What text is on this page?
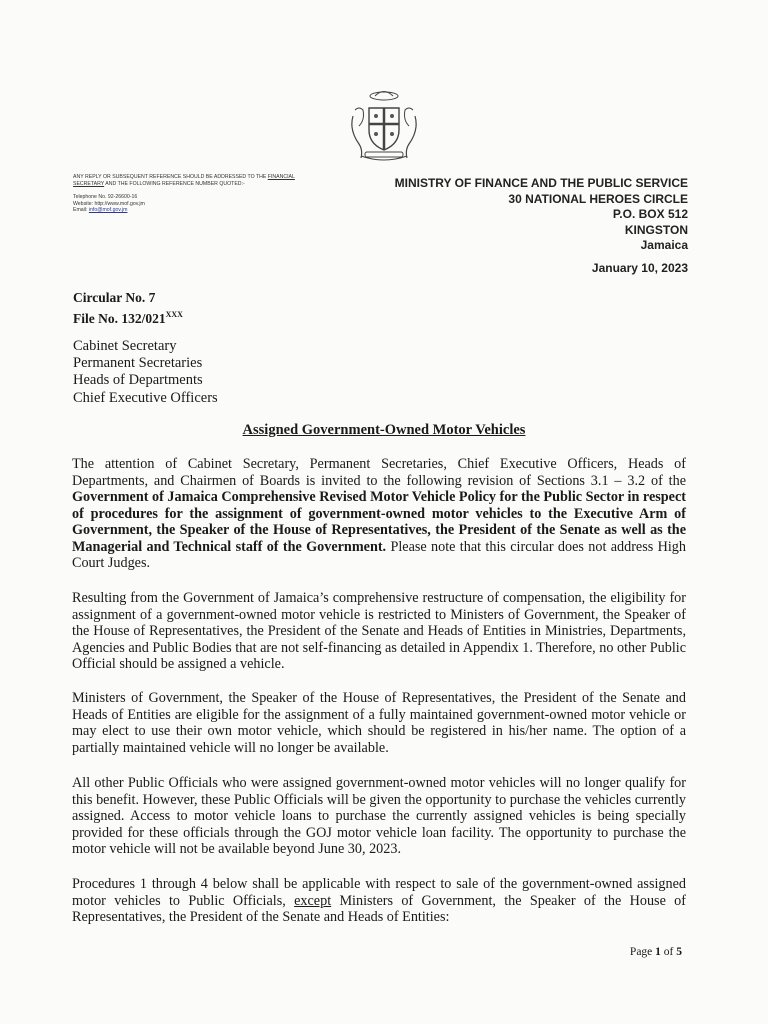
ANY REPLY OR SUBSEQUENT REFERENCE SHOULD BE ADDRESSED TO THE FINANCIAL
SECRETARY AND THE FOLLOWING REFERENCE NUMBER QUOTED:-
Telephone No. 92-26600-16
Website: http://www.mof.gov.jm
Email: info@mof.gov.jm
MINISTRY OF FINANCE AND THE PUBLIC SERVICE
30 NATIONAL HEROES CIRCLE
P.O. BOX 512
KINGSTON
Jamaica
January 10, 2023
Circular No. 7
File No. $132/021^{XXX}$
Cabinet Secretary
Permanent Secretaries
Heads of Departments
Chief Executive Officers
Assigned Government-Owned Motor Vehicles

The attention of Cabinet Secretary, Permanent Secretaries, Chief Executive Officers, Heads of Departments, and Chairmen of Boards is invited to the following revision of Sections 3.1 – 3.2 of the Government of Jamaica Comprehensive Revised Motor Vehicle Policy for the Public Sector in respect of procedures for the assignment of government-owned motor vehicles to the Executive Arm of Government, the Speaker of the House of Representatives, the President of the Senate as well as the Managerial and Technical staff of the Government. Please note that this circular does not address High Court Judges.

Resulting from the Government of Jamaica’s comprehensive restructure of compensation, the eligibility for assignment of a government-owned motor vehicle is restricted to Ministers of Government, the Speaker of the House of Representatives, the President of the Senate and Heads of Entities in Ministries, Departments, Agencies and Public Bodies that are not self-financing as detailed in Appendix 1. Therefore, no other Public Official should be assigned a vehicle.

Ministers of Government, the Speaker of the House of Representatives, the President of the Senate and Heads of Entities are eligible for the assignment of a fully maintained government-owned motor vehicle or may elect to use their own motor vehicle, which should be registered in his/her name. The option of a partially maintained vehicle will no longer be available.

All other Public Officials who were assigned government-owned motor vehicles will no longer qualify for this benefit. However, these Public Officials will be given the opportunity to purchase the vehicles currently assigned. Access to motor vehicle loans to purchase the currently assigned vehicles is being specially provided for these officials through the GOJ motor vehicle loan facility. The opportunity to purchase the motor vehicle will not be available beyond June 30, 2023.

Procedures 1 through 4 below shall be applicable with respect to sale of the government-owned assigned motor vehicles to Public Officials, except Ministers of Government, the Speaker of the House of Representatives, the President of the Senate and Heads of Entities:

Page 1 of 5
